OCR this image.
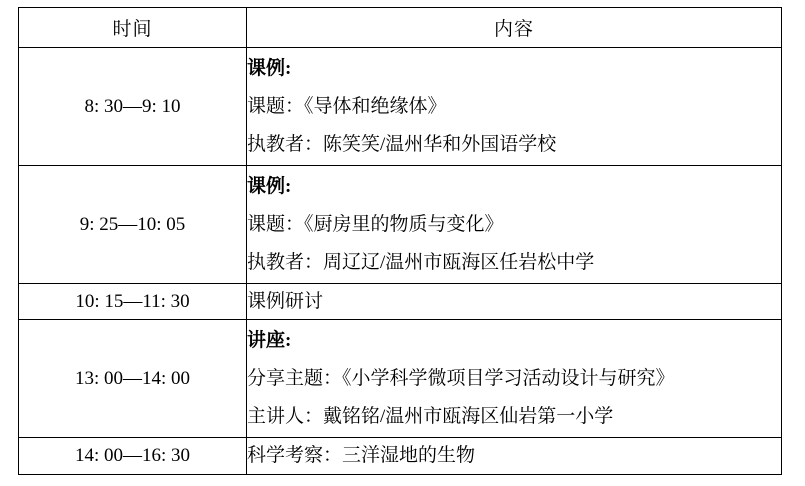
时间	内容
8: 30—9: 10	课例:

课题：《导体和绝缘体》

执教者：陈笑笑/温州华和外国语学校

9: 25—10: 05	课例:

课题：《厨房里的物质与变化》

执教者：周辽辽/温州市瓯海区任岩松中学

10: 15—11: 30	课例研讨

13: 00—14: 00	讲座:

分享主题：《小学科学微项目学习活动设计与研究》

主讲人：戴铭铭/温州市瓯海区仙岩第一小学

14: 00—16: 30	科学考察：三洋湿地的生物
